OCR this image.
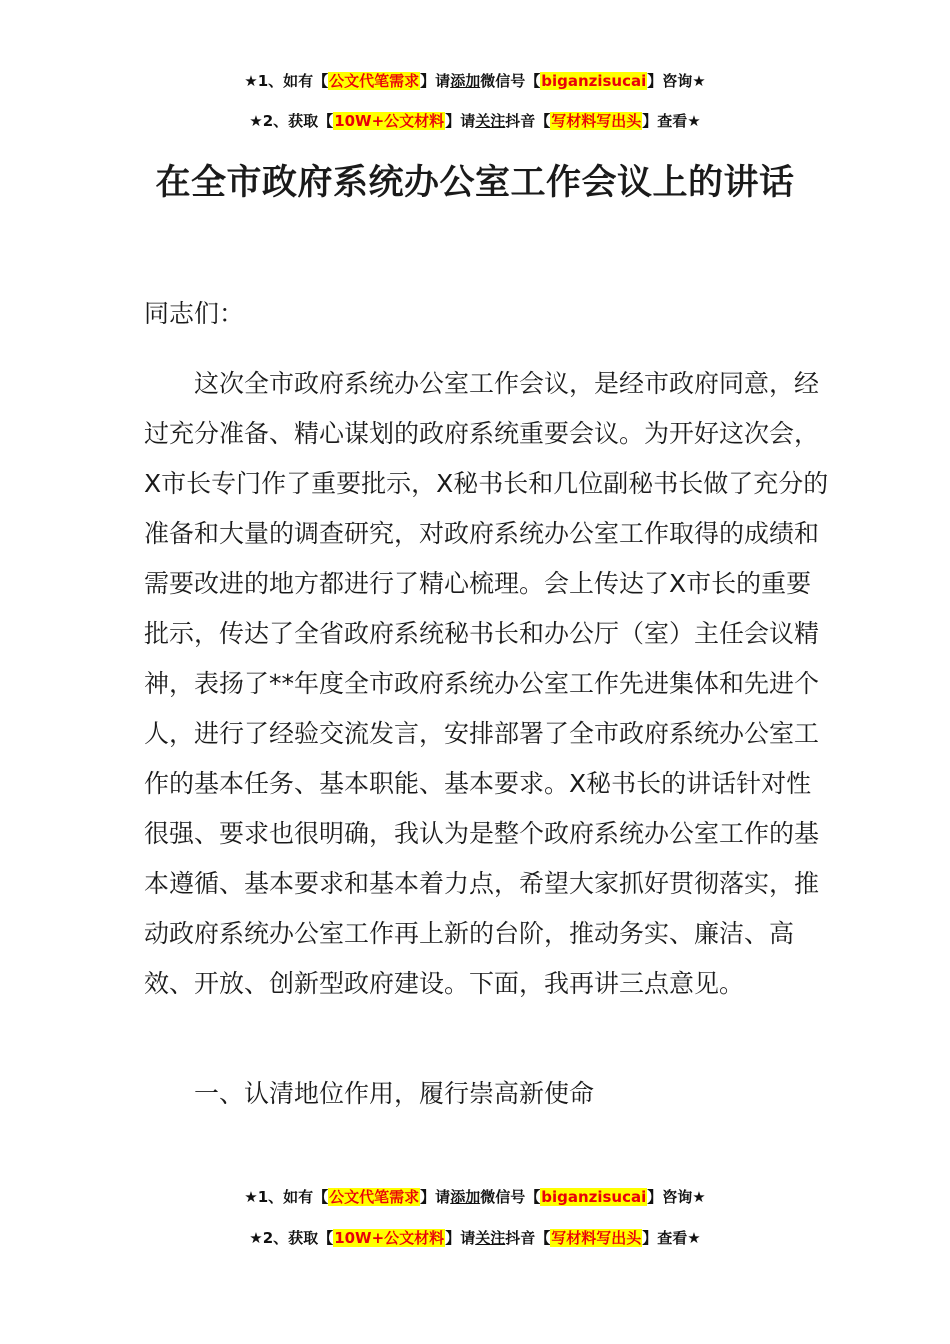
★1、如有【公文代笔需求】请添加微信号【biganzisucai】咨询★
★2、获取【10W+公文材料】请关注抖音【写材料写出头】查看★
在全市政府系统办公室工作会议上的讲话
同志们：
这次全市政府系统办公室工作会议，是经市政府同意，经过充分准备、精心谋划的政府系统重要会议。为开好这次会，X市长专门作了重要批示，X秘书长和几位副秘书长做了充分的准备和大量的调查研究，对政府系统办公室工作取得的成绩和需要改进的地方都进行了精心梳理。会上传达了X市长的重要批示，传达了全省政府系统秘书长和办公厅（室）主任会议精神，表扬了**年度全市政府系统办公室工作先进集体和先进个人，进行了经验交流发言，安排部署了全市政府系统办公室工作的基本任务、基本职能、基本要求。X秘书长的讲话针对性很强、要求也很明确，我认为是整个政府系统办公室工作的基本遵循、基本要求和基本着力点，希望大家抓好贯彻落实，推动政府系统办公室工作再上新的台阶，推动务实、廉洁、高效、开放、创新型政府建设。下面，我再讲三点意见。
一、认清地位作用，履行崇高新使命
★1、如有【公文代笔需求】请添加微信号【biganzisucai】咨询★
★2、获取【10W+公文材料】请关注抖音【写材料写出头】查看★
